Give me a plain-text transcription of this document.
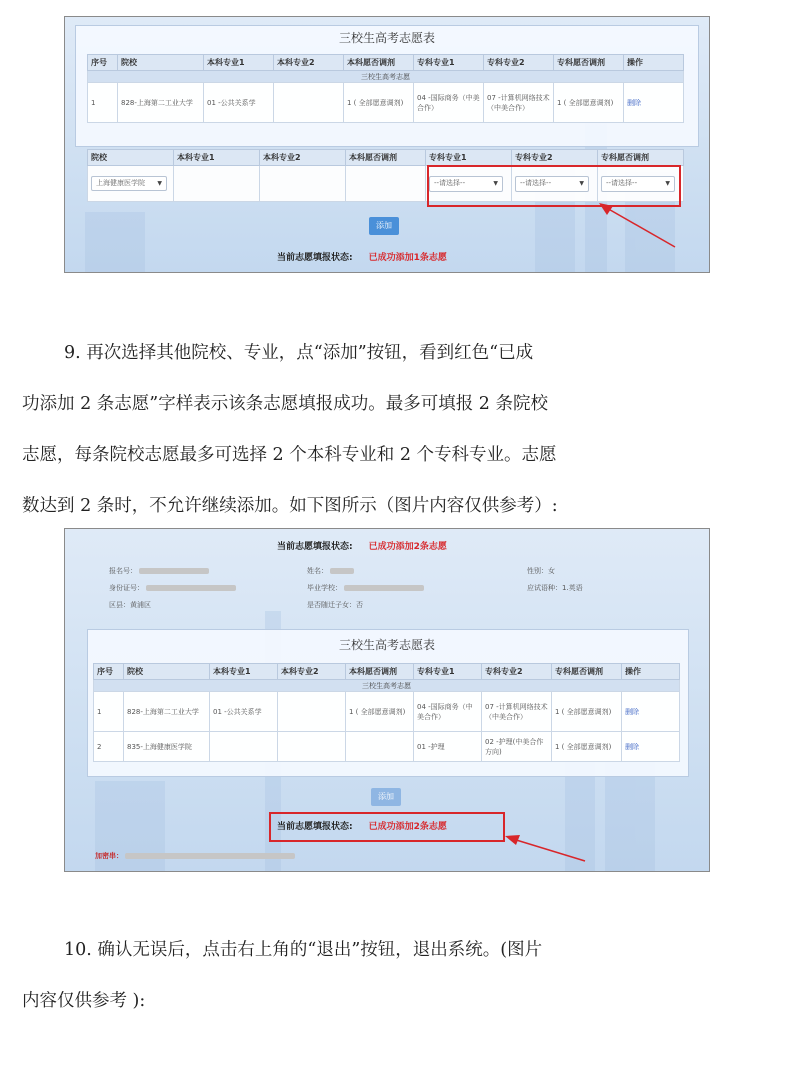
三校生高考志愿表
序号	院校	本科专业1	本科专业2	本科愿否调剂	专科专业1	专科专业2	专科愿否调剂	操作
三校生高考志愿								
1	828-上海第二工业大学	01 -公共关系学		1 ( 全部愿意调剂)	04 -国际商务（中美合作）	07 -计算机网络技术（中美合作）	1 ( 全部愿意调剂)	删除
院校	本科专业1	本科专业2	本科愿否调剂	专科专业1	专科专业2	专科愿否调剂
上海健康医学院 ▼				--请选择-- ▼	--请选择-- ▼	--请选择-- ▼
添加
当前志愿填报状态: 已成功添加1条志愿

9. 再次选择其他院校、专业，点“添加”按钮，看到红色“已成

功添加 2 条志愿”字样表示该条志愿填报成功。最多可填报 2 条院校

志愿，每条院校志愿最多可选择 2 个本科专业和 2 个专科专业。志愿

数达到 2 条时，不允许继续添加。如下图所示（图片内容仅供参考）:

当前志愿填报状态: 已成功添加2条志愿
报名号：	姓名：	性别：女
身份证号：	毕业学校：	应试语种：1.英语
区县：黄浦区	是否随迁子女：否
三校生高考志愿表
序号	院校	本科专业1	本科专业2	本科愿否调剂	专科专业1	专科专业2	专科愿否调剂	操作
三校生高考志愿								
1	828-上海第二工业大学	01 -公共关系学		1 ( 全部愿意调剂)	04 -国际商务（中美合作）	07 -计算机网络技术（中美合作）	1 ( 全部愿意调剂)	删除
2	835-上海健康医学院				01 -护理	02 -护理(中美合作方向)	1 ( 全部愿意调剂)	删除
添加
当前志愿填报状态: 已成功添加2条志愿
加密串：

10. 确认无误后，点击右上角的“退出”按钮，退出系统。(图片

内容仅供参考 ):
